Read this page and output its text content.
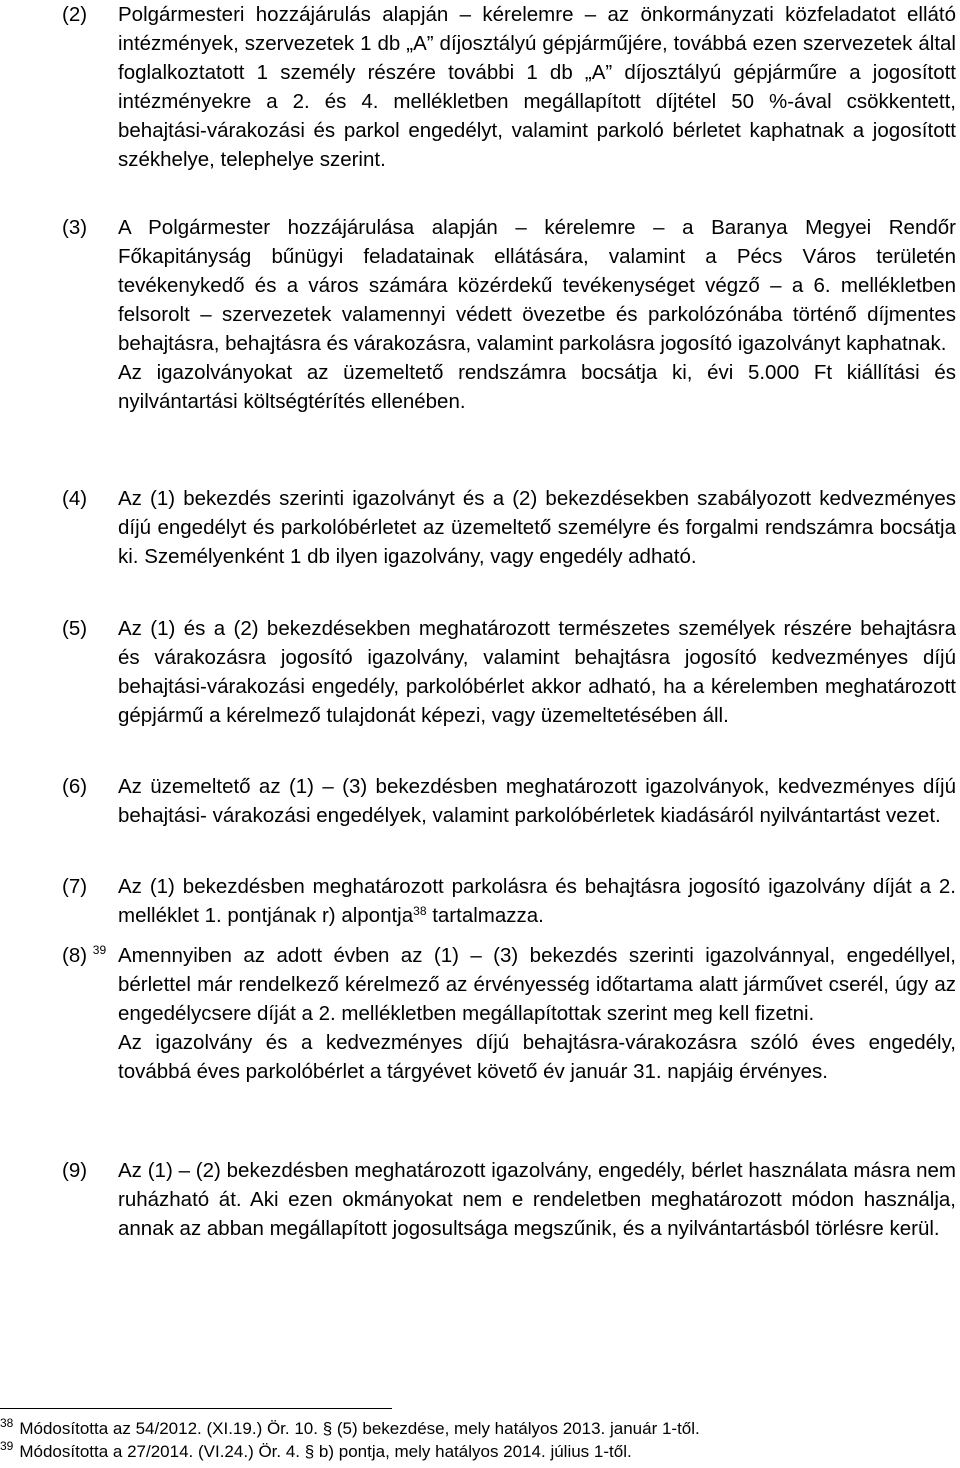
(2) Polgármesteri hozzájárulás alapján – kérelemre – az önkormányzati közfeladatot ellátó intézmények, szervezetek 1 db „A” díjosztályú gépjárműjére, továbbá ezen szervezetek által foglalkoztatott 1 személy részére további 1 db „A” díjosztályú gépjárműre a jogosított intézményekre a 2. és 4. mellékletben megállapított díjtétel 50 %-ával csökkentett, behajtási-várakozási és parkol engedélyt, valamint parkoló bérletet kaphatnak a jogosított székhelye, telephelye szerint.

(3) A Polgármester hozzájárulása alapján – kérelemre – a Baranya Megyei Rendőr Főkapitányság bűnügyi feladatainak ellátására, valamint a Pécs Város területén tevékenykedő és a város számára közérdekű tevékenységet végző – a 6. mellékletben felsorolt – szervezetek valamennyi védett övezetbe és parkolózónába történő díjmentes behajtásra, behajtásra és várakozásra, valamint parkolásra jogosító igazolványt kaphatnak.

Az igazolványokat az üzemeltető rendszámra bocsátja ki, évi 5.000 Ft kiállítási és nyilvántartási költségtérítés ellenében.

(4) Az (1) bekezdés szerinti igazolványt és a (2) bekezdésekben szabályozott kedvezményes díjú engedélyt és parkolóbérletet az üzemeltető személyre és forgalmi rendszámra bocsátja ki. Személyenként 1 db ilyen igazolvány, vagy engedély adható.

(5) Az (1) és a (2) bekezdésekben meghatározott természetes személyek részére behajtásra és várakozásra jogosító igazolvány, valamint behajtásra jogosító kedvezményes díjú behajtási-várakozási engedély, parkolóbérlet akkor adható, ha a kérelemben meghatározott gépjármű a kérelmező tulajdonát képezi, vagy üzemeltetésében áll.

(6) Az üzemeltető az (1) – (3) bekezdésben meghatározott igazolványok, kedvezményes díjú behajtási- várakozási engedélyek, valamint parkolóbérletek kiadásáról nyilvántartást vezet.

(7) Az (1) bekezdésben meghatározott parkolásra és behajtásra jogosító igazolvány díját a 2. melléklet 1. pontjának r) alpontja$^{38}$ tartalmazza.

(8) $^{39}$ Amennyiben az adott évben az (1) – (3) bekezdés szerinti igazolvánnyal, engedéllyel, bérlettel már rendelkező kérelmező az érvényesség időtartama alatt járművet cserél, úgy az engedélycsere díját a 2. mellékletben megállapítottak szerint meg kell fizetni.

Az igazolvány és a kedvezményes díjú behajtásra-várakozásra szóló éves engedély, továbbá éves parkolóbérlet a tárgyévet követő év január 31. napjáig érvényes.

(9) Az (1) – (2) bekezdésben meghatározott igazolvány, engedély, bérlet használata másra nem ruházható át. Aki ezen okmányokat nem e rendeletben meghatározott módon használja, annak az abban megállapított jogosultsága megszűnik, és a nyilvántartásból törlésre kerül.

$^{38}$ Módosította az 54/2012. (XI.19.) Ör. 10. § (5) bekezdése, mely hatályos 2013. január 1-től.
$^{39}$ Módosította a 27/2014. (VI.24.) Ör. 4. § b) pontja, mely hatályos 2014. július 1-től.
